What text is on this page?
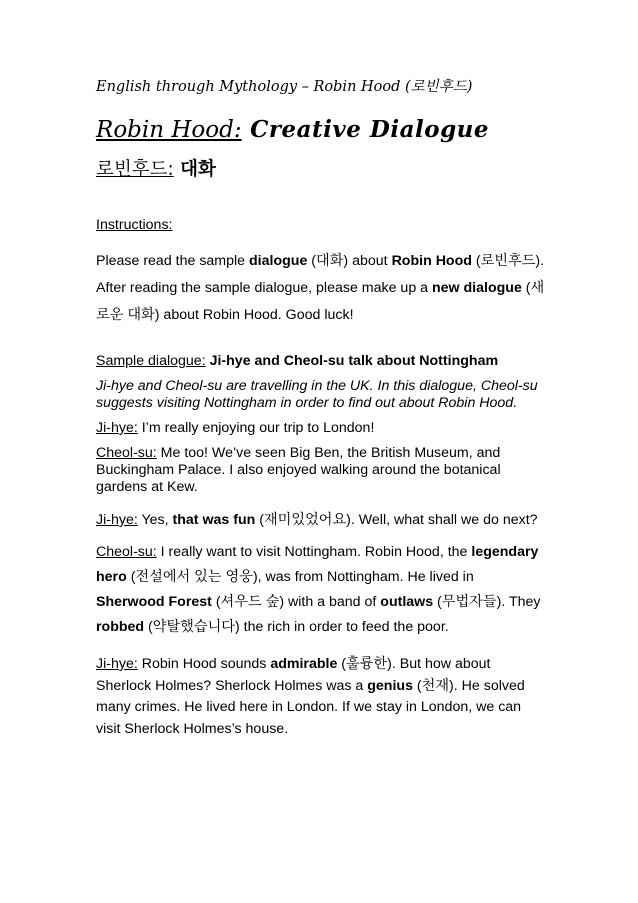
English through Mythology – Robin Hood (로빈후드)
Robin Hood: Creative Dialogue
로빈후드: 대화

Instructions:

Please read the sample dialogue (대화) about Robin Hood (로빈후드). After reading the sample dialogue, please make up a new dialogue (새로운 대화) about Robin Hood. Good luck!

Sample dialogue: Ji-hye and Cheol-su talk about Nottingham

Ji-hye and Cheol-su are travelling in the UK. In this dialogue, Cheol-su suggests visiting Nottingham in order to find out about Robin Hood.

Ji-hye: I’m really enjoying our trip to London!

Cheol-su: Me too! We’ve seen Big Ben, the British Museum, and Buckingham Palace. I also enjoyed walking around the botanical gardens at Kew.

Ji-hye: Yes, that was fun (재미있었어요). Well, what shall we do next?

Cheol-su: I really want to visit Nottingham. Robin Hood, the legendary hero (전설에서 있는 영웅), was from Nottingham. He lived in Sherwood Forest (셔우드 숲) with a band of outlaws (무법자들). They robbed (약탈했습니다) the rich in order to feed the poor.

Ji-hye: Robin Hood sounds admirable (훌륭한). But how about Sherlock Holmes? Sherlock Holmes was a genius (천재). He solved many crimes. He lived here in London. If we stay in London, we can visit Sherlock Holmes’s house.
